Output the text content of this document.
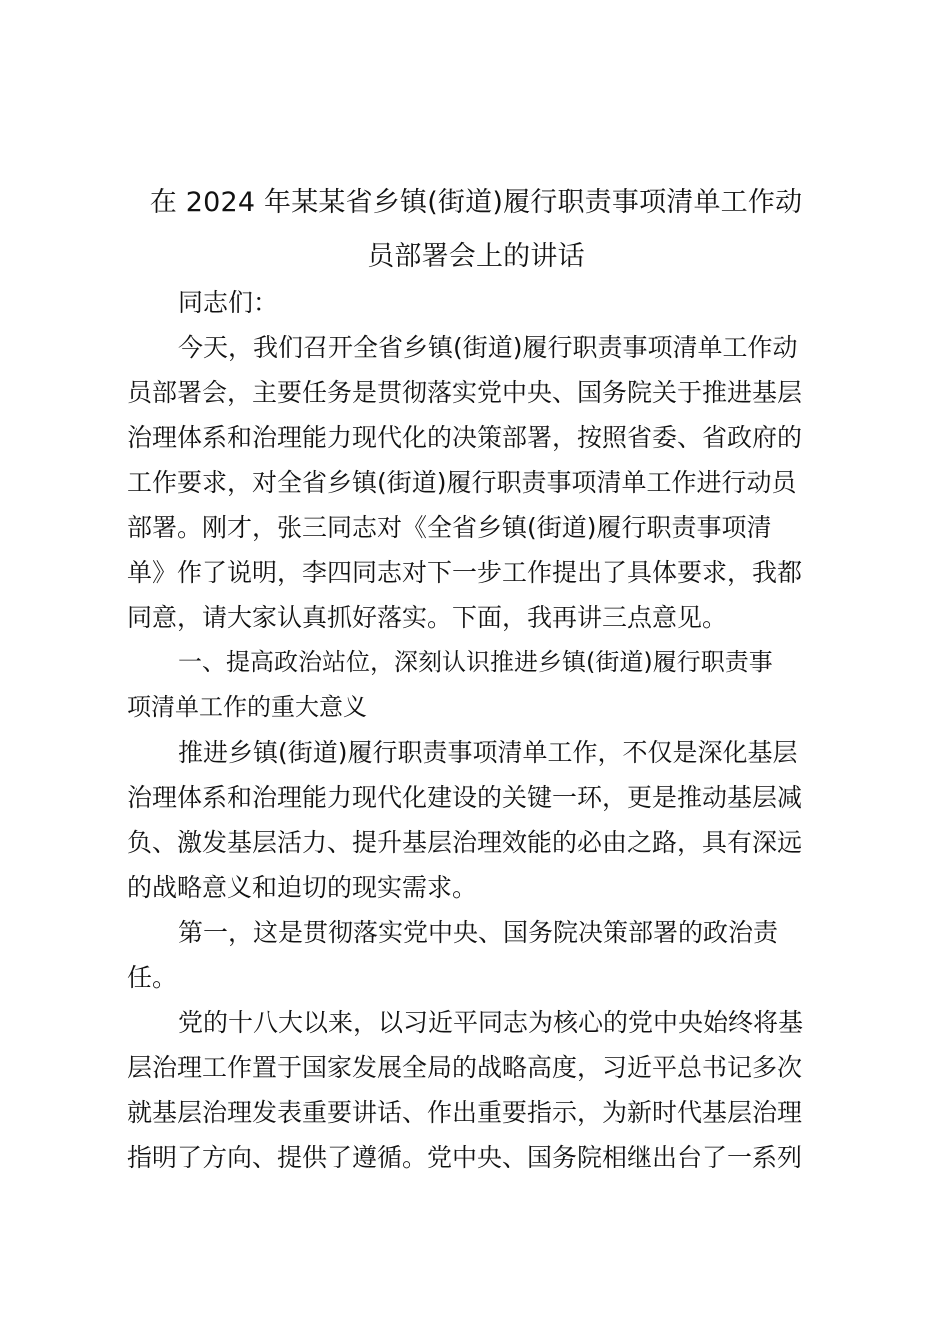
在 2024 年某某省乡镇(街道)履行职责事项清单工作动
员部署会上的讲话
同志们：
今天，我们召开全省乡镇(街道)履行职责事项清单工作动
员部署会，主要任务是贯彻落实党中央、国务院关于推进基层
治理体系和治理能力现代化的决策部署，按照省委、省政府的
工作要求，对全省乡镇(街道)履行职责事项清单工作进行动员
部署。刚才，张三同志对《全省乡镇(街道)履行职责事项清
单》作了说明，李四同志对下一步工作提出了具体要求，我都
同意，请大家认真抓好落实。下面，我再讲三点意见。
一、提高政治站位，深刻认识推进乡镇(街道)履行职责事
项清单工作的重大意义
推进乡镇(街道)履行职责事项清单工作，不仅是深化基层
治理体系和治理能力现代化建设的关键一环，更是推动基层减
负、激发基层活力、提升基层治理效能的必由之路，具有深远
的战略意义和迫切的现实需求。
第一，这是贯彻落实党中央、国务院决策部署的政治责
任。
党的十八大以来，以习近平同志为核心的党中央始终将基
层治理工作置于国家发展全局的战略高度，习近平总书记多次
就基层治理发表重要讲话、作出重要指示，为新时代基层治理
指明了方向、提供了遵循。党中央、国务院相继出台了一系列
